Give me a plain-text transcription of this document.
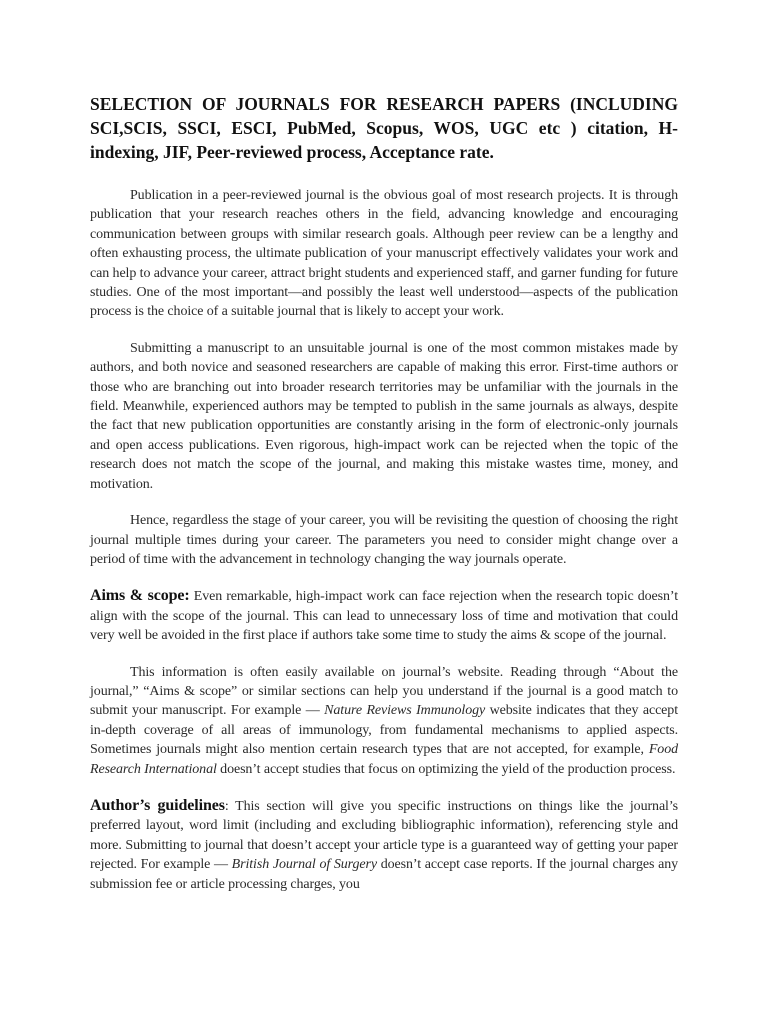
SELECTION OF JOURNALS FOR RESEARCH PAPERS (INCLUDING SCI,SCIS, SSCI, ESCI, PubMed, Scopus, WOS, UGC etc ) citation, H-indexing, JIF, Peer-reviewed process, Acceptance rate.

Publication in a peer-reviewed journal is the obvious goal of most research projects. It is through publication that your research reaches others in the field, advancing knowledge and encouraging communication between groups with similar research goals. Although peer review can be a lengthy and often exhausting process, the ultimate publication of your manuscript effectively validates your work and can help to advance your career, attract bright students and experienced staff, and garner funding for future studies. One of the most important—and possibly the least well understood—aspects of the publication process is the choice of a suitable journal that is likely to accept your work.

Submitting a manuscript to an unsuitable journal is one of the most common mistakes made by authors, and both novice and seasoned researchers are capable of making this error. First-time authors or those who are branching out into broader research territories may be unfamiliar with the journals in the field. Meanwhile, experienced authors may be tempted to publish in the same journals as always, despite the fact that new publication opportunities are constantly arising in the form of electronic-only journals and open access publications. Even rigorous, high-impact work can be rejected when the topic of the research does not match the scope of the journal, and making this mistake wastes time, money, and motivation.

Hence, regardless the stage of your career, you will be revisiting the question of choosing the right journal multiple times during your career. The parameters you need to consider might change over a period of time with the advancement in technology changing the way journals operate.

Aims & scope: Even remarkable, high-impact work can face rejection when the research topic doesn’t align with the scope of the journal. This can lead to unnecessary loss of time and motivation that could very well be avoided in the first place if authors take some time to study the aims & scope of the journal.

This information is often easily available on journal’s website. Reading through “About the journal,” “Aims & scope” or similar sections can help you understand if the journal is a good match to submit your manuscript. For example — Nature Reviews Immunology website indicates that they accept in-depth coverage of all areas of immunology, from fundamental mechanisms to applied aspects. Sometimes journals might also mention certain research types that are not accepted, for example, Food Research International doesn’t accept studies that focus on optimizing the yield of the production process.

Author’s guidelines: This section will give you specific instructions on things like the journal’s preferred layout, word limit (including and excluding bibliographic information), referencing style and more. Submitting to journal that doesn’t accept your article type is a guaranteed way of getting your paper rejected. For example — British Journal of Surgery doesn’t accept case reports. If the journal charges any submission fee or article processing charges, you
